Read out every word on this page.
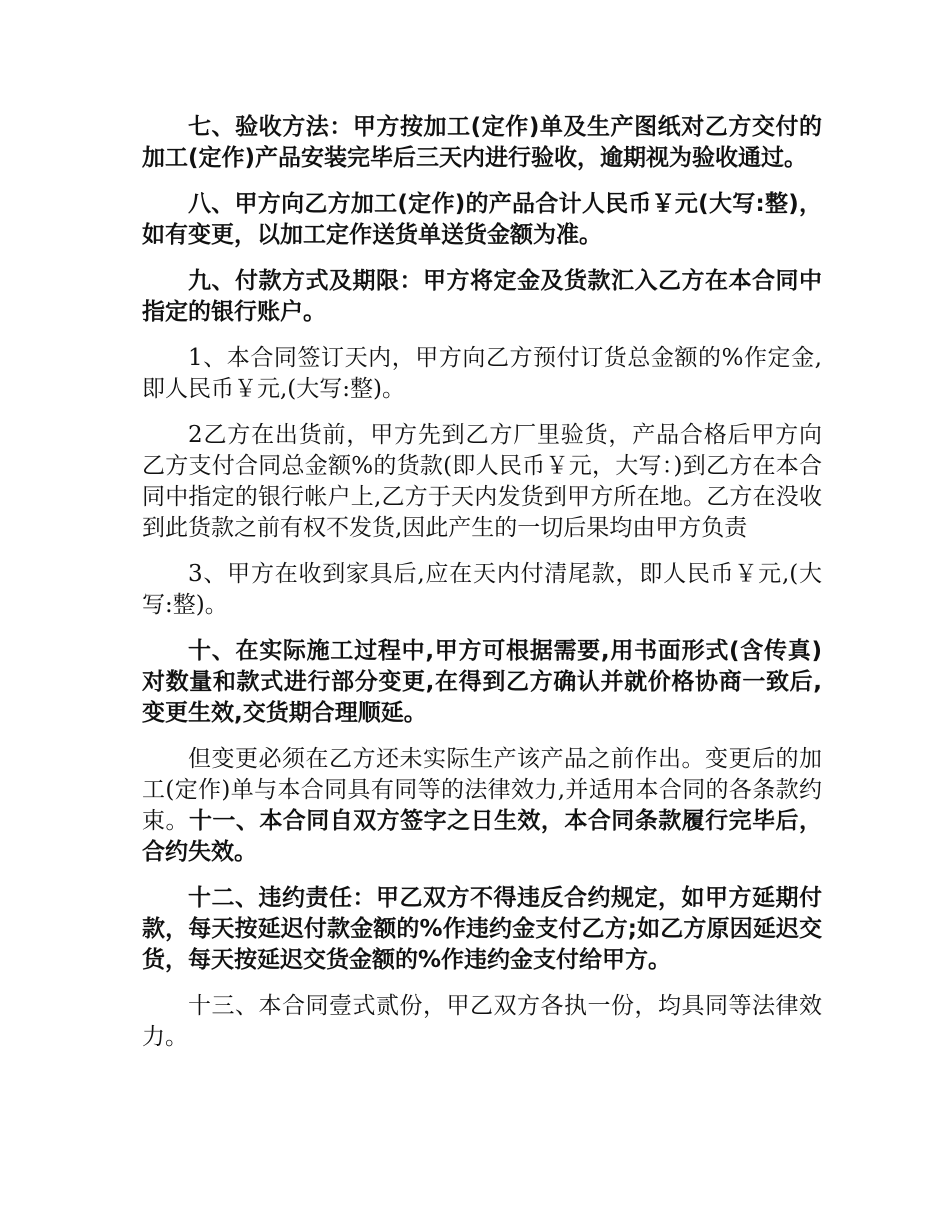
七、验收方法：甲方按加工(定作)单及生产图纸对乙方交付的加工(定作)产品安装完毕后三天内进行验收，逾期视为验收通过。

八、甲方向乙方加工(定作)的产品合计人民币￥元(大写:整)，如有变更，以加工定作送货单送货金额为准。

九、付款方式及期限：甲方将定金及货款汇入乙方在本合同中指定的银行账户。

1、本合同签订天内，甲方向乙方预付订货总金额的%作定金,即人民币￥元,(大写:整)。

2乙方在出货前，甲方先到乙方厂里验货，产品合格后甲方向乙方支付合同总金额%的货款(即人民币￥元，大写：)到乙方在本合同中指定的银行帐户上,乙方于天内发货到甲方所在地。乙方在没收到此货款之前有权不发货,因此产生的一切后果均由甲方负责

3、甲方在收到家具后,应在天内付清尾款，即人民币￥元,(大写:整)。

十、在实际施工过程中,甲方可根据需要,用书面形式(含传真)对数量和款式进行部分变更,在得到乙方确认并就价格协商一致后,变更生效,交货期合理顺延。

但变更必须在乙方还未实际生产该产品之前作出。变更后的加工(定作)单与本合同具有同等的法律效力,并适用本合同的各条款约束。十一、本合同自双方签字之日生效，本合同条款履行完毕后，合约失效。

十二、违约责任：甲乙双方不得违反合约规定，如甲方延期付款，每天按延迟付款金额的%作违约金支付乙方;如乙方原因延迟交货，每天按延迟交货金额的%作违约金支付给甲方。

十三、本合同壹式贰份，甲乙双方各执一份，均具同等法律效力。
